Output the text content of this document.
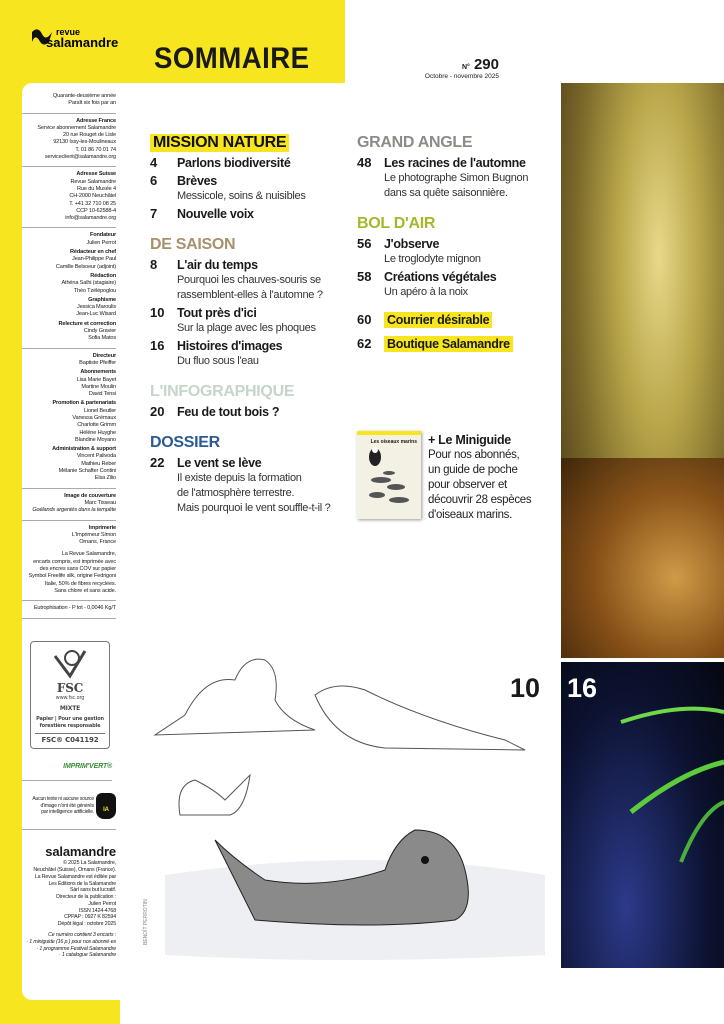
revue
salamandre
N° 290
Octobre - novembre 2025
SOMMAIRE
Quarante-deuxième année
Paraît six fois par an
Adresse France
Service abonnement Salamandre
20 rue Rouget de Lisle
92130 Issy-les-Moulineaux
T. 01 86 70 01 74
serviceclient@salamandre.org
Adresse Suisse
Revue Salamandre
Rue du Musée 4
CH-2000 Neuchâtel
T. +41 32 710 08 25
CCP 10-62588-4
info@salamandre.org
Fondateur
Julien Perrot
Rédacteur en chef
Jean-Philippe Paul
Camille Belsoeur (adjoint)
Rédaction
Athéna Salhi (stagiaire)
Théo Tzélépoglou
Graphisme
Jessica Maroulis
Jean-Luc Wisard
Relecture et correction
Cindy Gravier
Sofia Matos
Directeur
Baptiste Pfeiffer
Abonnements
Lisa Marie Bayet
Martine Moulin
David Tensi
Promotion & partenariats
Lionel Beutler
Vanessa Grémaux
Charlotte Grimm
Hélène Huyghe
Blandine Moyano
Administration & support
Vincent Palivoda
Mathieu Reber
Mélanie Schafter Contini
Elsa Zilio
Image de couverture
Marc Tisseau
Goélands argentés dans la tempête
Imprimerie
L'Imprimeur Simon
Ornans, France
La Revue Salamandre,
encarts compris, est imprimée avec
des encres sans COV sur papier
Symbol Freelife silk, origine Fedrigoni
Italie, 50% de fibres recyclées.
Sans chlore et sans acide.
Eutrophisation - P tot - 0,0046 Kg/T
FSC
www.fsc.org
MIXTE
Papier | Pour une gestion forestière responsable
FSC® C041192
IMPRIM'VERT®
Aucun texte ni aucune source
d'image n'ont été générés
par intelligence artificielle.	IA
salamandre
© 2025 La Salamandre,
Neuchâtel (Suisse), Ornans (France).
La Revue Salamandre est éditée par
Les Éditions de la Salamandre
Sàrl sans but lucratif.
Directeur de la publication :
Julien Perrot
ISSN 1424-4768
CPPAP : 0927 K 82594
Dépôt légal : octobre 2025
Ce numéro contient 3 encarts :
· 1 miniguide (16 p.) pour nos abonné·es
· 1 programme Festival Salamandre
· 1 catalogue Salamandre
MISSION NATURE
4	Parlons biodiversité
6	Brèves
Messicole, soins & nuisibles
7	Nouvelle voix
DE SAISON
8	L'air du temps
Pourquoi les chauves-souris se
rassemblent-elles à l'automne ?
10	Tout près d'ici
Sur la plage avec les phoques
16	Histoires d'images
Du fluo sous l'eau
L'INFOGRAPHIQUE
20	Feu de tout bois ?
DOSSIER
22	Le vent se lève
Il existe depuis la formation
de l'atmosphère terrestre.
Mais pourquoi le vent souffle-t-il ?
GRAND ANGLE
48	Les racines de l'automne
Le photographe Simon Bugnon
dans sa quête saisonnière.
BOL D'AIR
56	J'observe
Le troglodyte mignon
58	Créations végétales
Un apéro à la noix
60	Courrier désirable
62	Boutique Salamandre
Les oiseaux marins + Le Miniguide
Pour nos abonnés,
un guide de poche
pour observer et
découvrir 28 espèces
d'oiseaux marins.
10 16
BENOÎT PERROTIN
